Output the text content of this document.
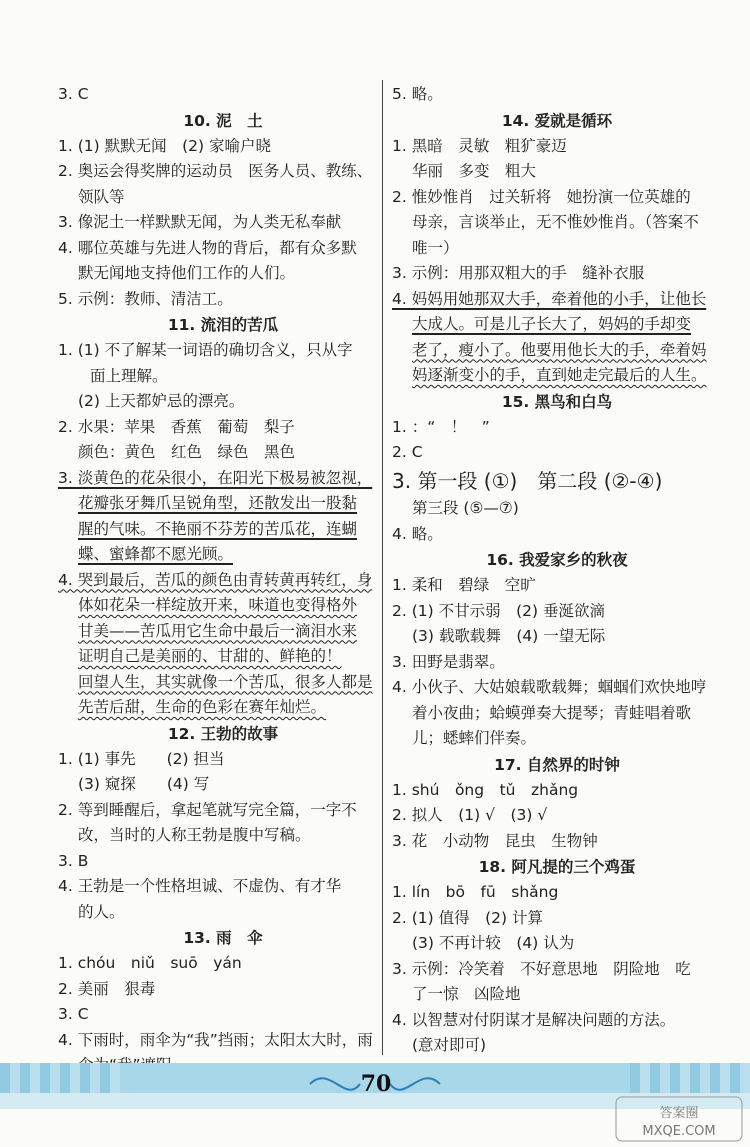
3. C
10. 泥　土
1. (1) 默默无闻　(2) 家喻户晓
2. 奥运会得奖牌的运动员　医务人员、教练、
领队等
3. 像泥土一样默默无闻，为人类无私奉献
4. 哪位英雄与先进人物的背后，都有众多默
默无闻地支持他们工作的人们。
5. 示例：教师、清洁工。
11. 流泪的苦瓜
1. (1) 不了解某一词语的确切含义，只从字
面上理解。
(2) 上天都妒忌的漂亮。
2. 水果：苹果　香蕉　葡萄　梨子
颜色：黄色　红色　绿色　黑色
3. 淡黄色的花朵很小，在阳光下极易被忽视，
花瓣张牙舞爪呈锐角型，还散发出一股黏
腥的气味。不艳丽不芬芳的苦瓜花，连蝴
蝶、蜜蜂都不愿光顾。
4. 哭到最后，苦瓜的颜色由青转黄再转红，身
体如花朵一样绽放开来，味道也变得格外
甘美——苦瓜用它生命中最后一滴泪水来
证明自己是美丽的、甘甜的、鲜艳的！
回望人生，其实就像一个苦瓜，很多人都是
先苦后甜，生命的色彩在赛年灿烂。
12. 王勃的故事
1. (1) 事先　　(2) 担当
(3) 窥探　　(4) 写
2. 等到睡醒后，拿起笔就写完全篇，一字不
改，当时的人称王勃是腹中写稿。
3. B
4. 王勃是一个性格坦诚、不虚伪、有才华
的人。
13. 雨　伞
1. chóu　niǔ　suō　yán
2. 美丽　狠毒
3. C
4. 下雨时，雨伞为“我”挡雨；太阳太大时，雨
5. 略。
14. 爱就是循环
1. 黑暗　灵敏　粗犷豪迈
华丽　多变　粗大
2. 惟妙惟肖　过关斩将　她扮演一位英雄的
母亲，言谈举止，无不惟妙惟肖。（答案不
唯一）
3. 示例：用那双粗大的手　缝补衣服
4. 妈妈用她那双大手，牵着他的小手，让他长
大成人。可是儿子长大了，妈妈的手却变
老了，瘦小了。他要用他长大的手，牵着妈
妈逐渐变小的手，直到她走完最后的人生。
15. 黑鸟和白鸟
1. ：“　！　”
2. C
3. 第一段 (①)　第二段 (②-④)
第三段 (⑤—⑦)
4. 略。
16. 我爱家乡的秋夜
1. 柔和　碧绿　空旷
2. (1) 不甘示弱　(2) 垂涎欲滴
(3) 载歌载舞　(4) 一望无际
3. 田野是翡翠。
4. 小伙子、大姑娘载歌载舞；蝈蝈们欢快地哼
着小夜曲；蛤蟆弹奏大提琴；青蛙唱着歌
儿；蟋蟀们伴奏。
17. 自然界的时钟
1. shú　ǒng　tǔ　zhǎng
2. 拟人　(1) √　(3) √
3. 花　小动物　昆虫　生物钟
18. 阿凡提的三个鸡蛋
1. lín　bō　fū　shǎng
2. (1) 值得　(2) 计算
(3) 不再计较　(4) 认为
3. 示例：冷笑着　不好意思地　阴险地　吃
了一惊　凶险地
4. 以智慧对付阴谋才是解决问题的方法。
(意对即可)
70
答案圈
MXQE.COM
